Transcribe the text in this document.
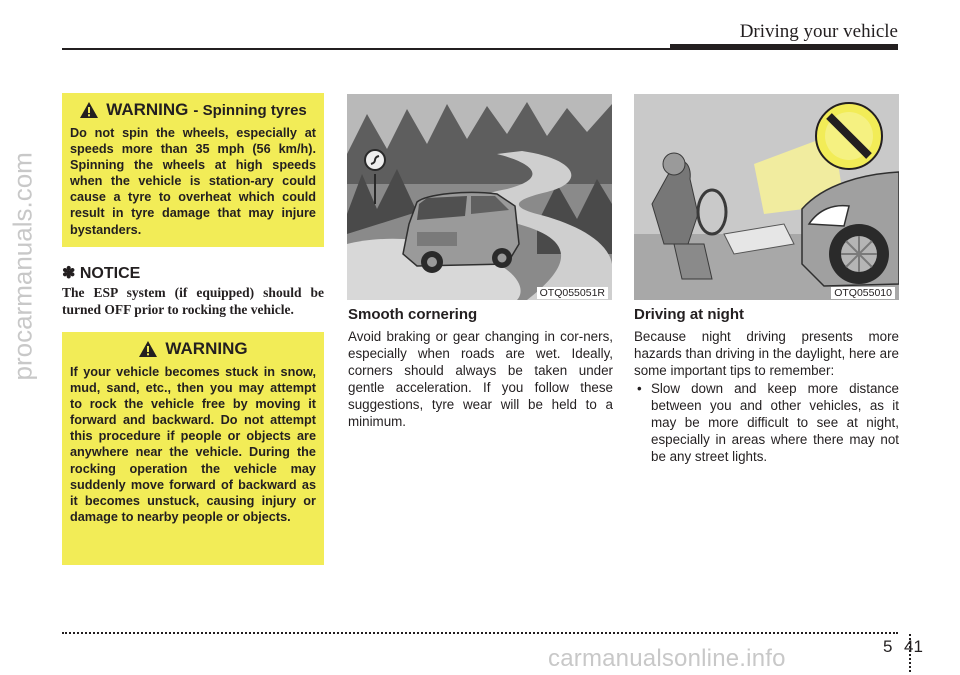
Driving your vehicle
procarmanuals.com
carmanualsonline.info
WARNING - Spinning tyres

Do not spin the wheels, especially at speeds more than 35 mph (56 km/h). Spinning the wheels at high speeds when the vehicle is station-ary could cause a tyre to overheat which could result in tyre damage that may injure bystanders.

✽ NOTICE

The ESP system (if equipped) should be turned OFF prior to rocking the vehicle.

WARNING

If your vehicle becomes stuck in snow, mud, sand, etc., then you may attempt to rock the vehicle free by moving it forward and backward. Do not attempt this procedure if people or objects are anywhere near the vehicle. During the rocking operation the vehicle may suddenly move forward of backward as it becomes unstuck, causing injury or damage to nearby people or objects.

OTQ055051R	OTQ055010
Smooth cornering

Avoid braking or gear changing in cor-ners, especially when roads are wet. Ideally, corners should always be taken under gentle acceleration. If you follow these suggestions, tyre wear will be held to a minimum.

Driving at night

Because night driving presents more hazards than driving in the daylight, here are some important tips to remember:

• Slow down and keep more distance between you and other vehicles, as it may be more difficult to see at night, especially in areas where there may not be any street lights.
5 41
